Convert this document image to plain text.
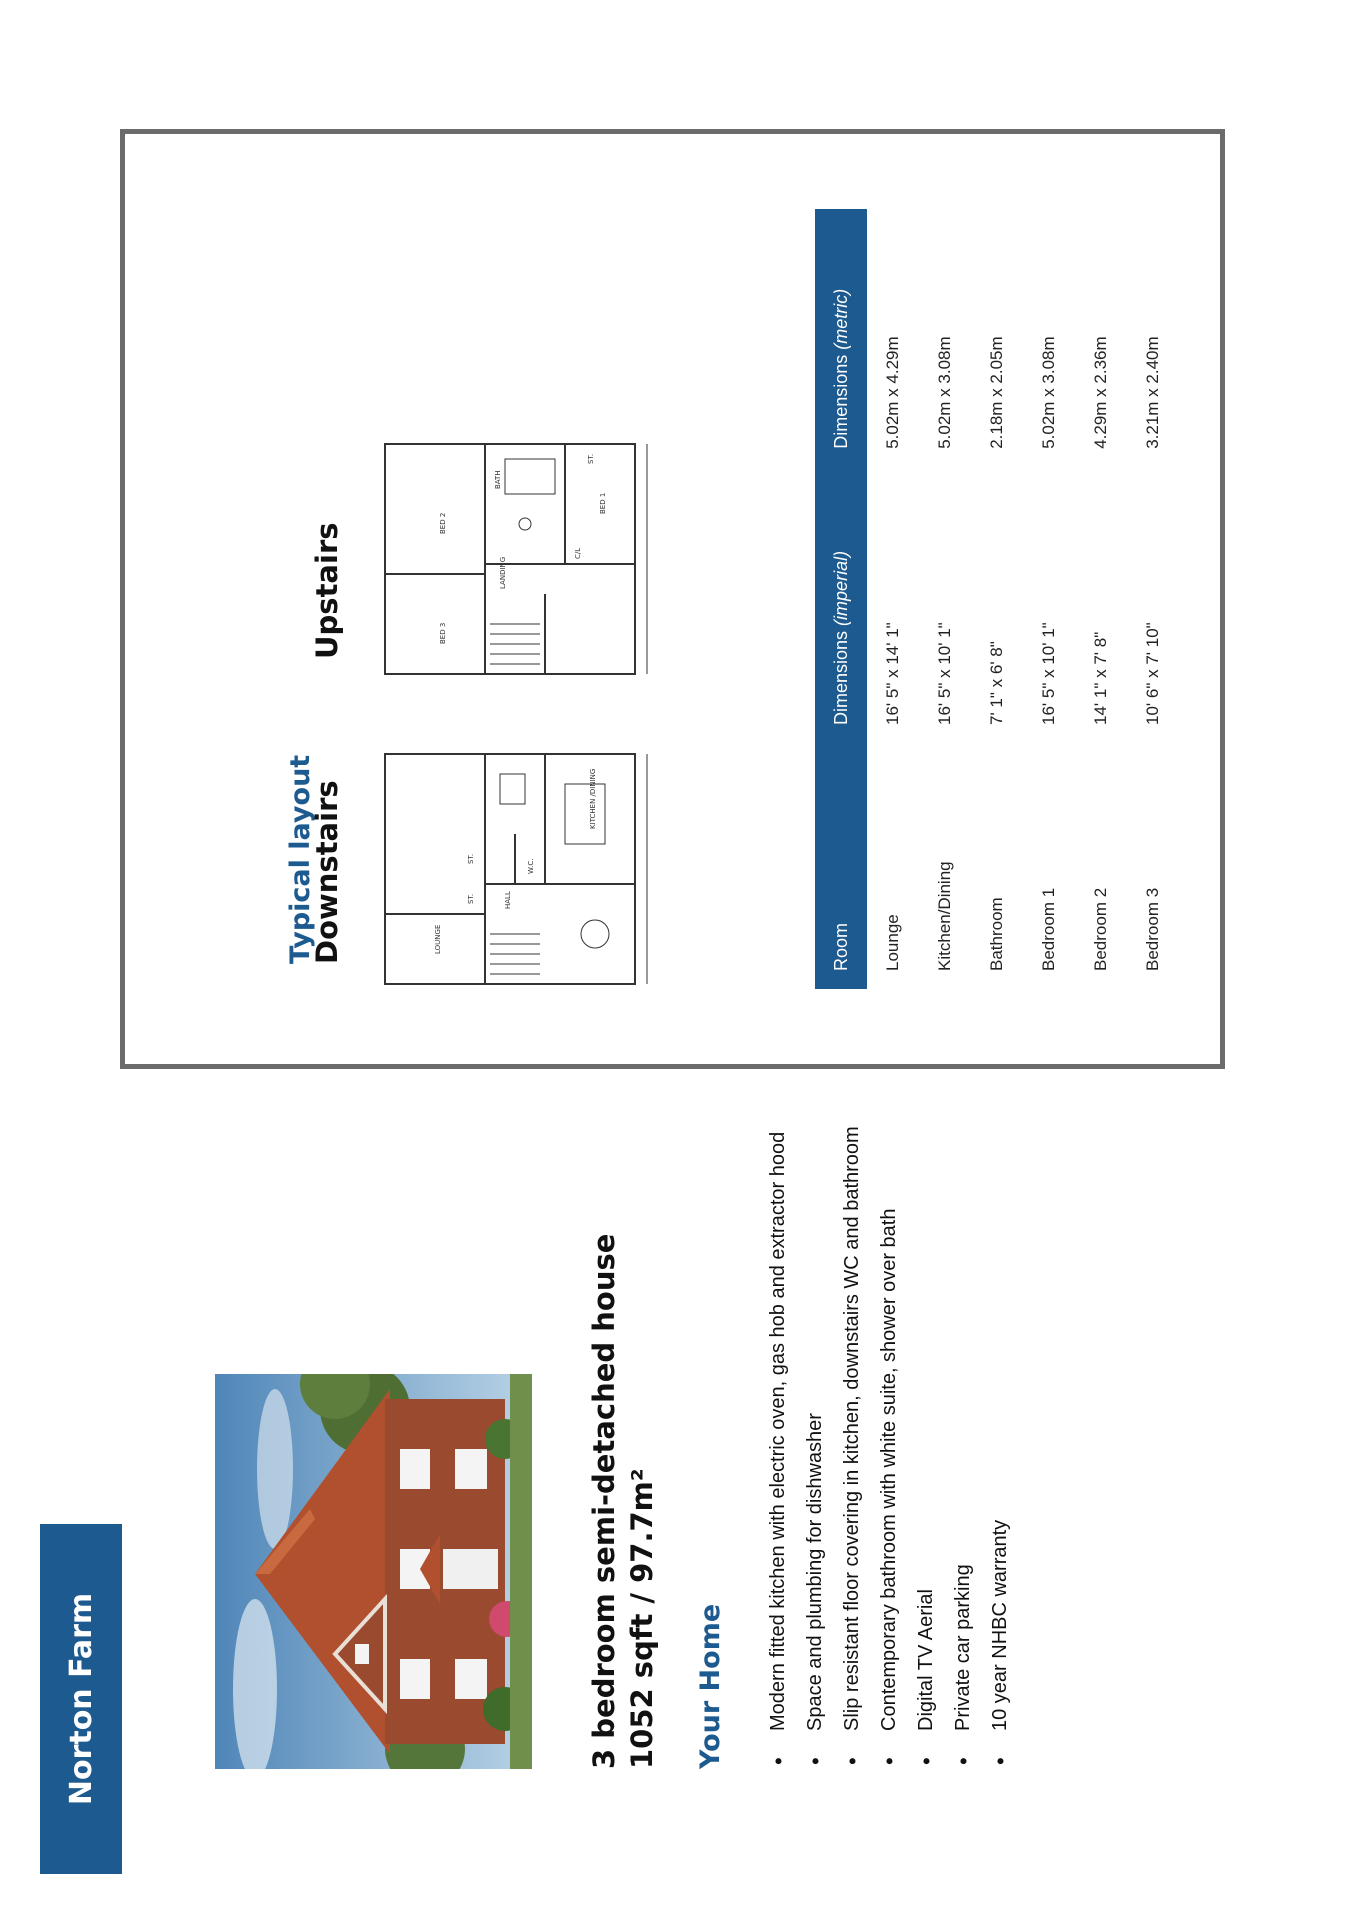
Norton Farm	3 bedroom semi-detached house 1052 sqft / 97.7m² Your Home	• Modern fitted kitchen with electric oven, gas hob and extractor hood • Space and plumbing for dishwasher • Slip resistant floor covering in kitchen, downstairs WC and bathroom • Contemporary bathroom with white suite, shower over bath • Digital TV Aerial • Private car parking • 10 year NHBC warranty
Typical layout
Downstairs
Upstairs
KITCHEN /DINING
HALL
ST.
W.C.
LOUNGE
ST.
BED 1
ST.
C/L
BATH
LANDING
BED 3
BED 2
Room	Dimensions (imperial)	Dimensions (metric)
Lounge	16' 5" x 14' 1"	5.02m x 4.29m
Kitchen/Dining	16' 5" x 10' 1"	5.02m x 3.08m
Bathroom	7' 1" x 6' 8"	2.18m x 2.05m
Bedroom 1	16' 5" x 10' 1"	5.02m x 3.08m
Bedroom 2	14' 1" x 7' 8"	4.29m x 2.36m
Bedroom 3	10' 6" x 7' 10"	3.21m x 2.40m
